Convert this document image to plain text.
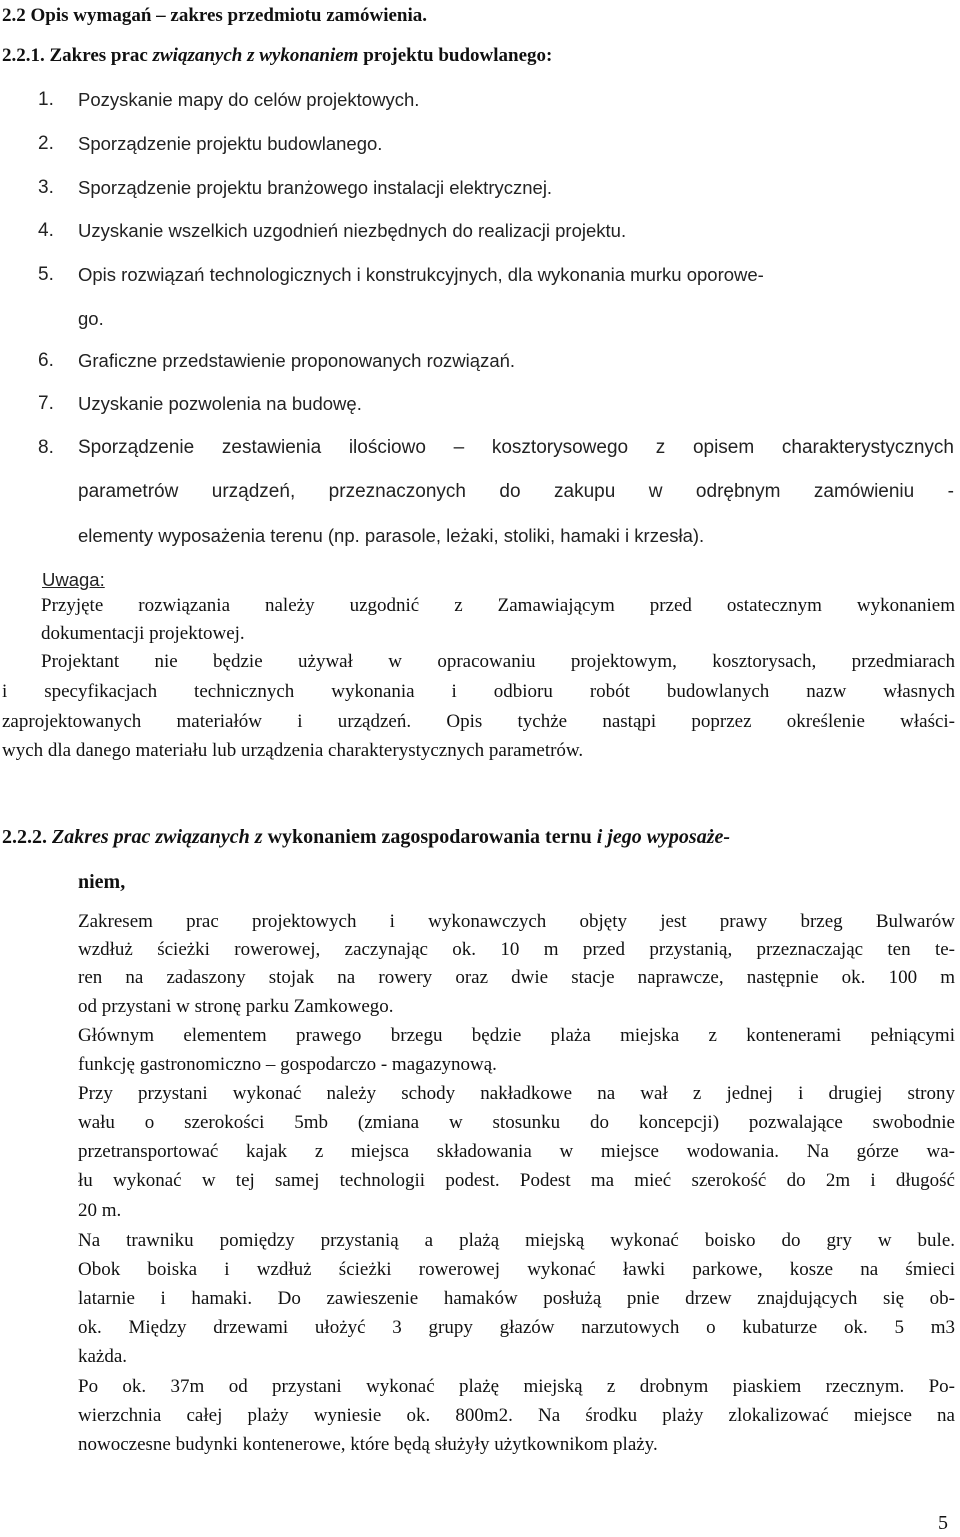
2.2 Opis wymagań – zakres przedmiotu zamówienia.
2.2.1. Zakres prac związanych z wykonaniem projektu budowlanego:
1. Pozyskanie mapy do celów projektowych.
2. Sporządzenie projektu budowlanego.
3. Sporządzenie projektu branżowego instalacji elektrycznej.
4. Uzyskanie wszelkich uzgodnień niezbędnych do realizacji projektu.
5. Opis rozwiązań technologicznych i konstrukcyjnych, dla wykonania murku oporowe-
go.
6. Graficzne przedstawienie proponowanych rozwiązań.
7. Uzyskanie pozwolenia na budowę.
8. Sporządzenie zestawienia ilościowo – kosztorysowego z opisem charakterystycznych
parametrów urządzeń, przeznaczonych do zakupu w odrębnym zamówieniu -
elementy wyposażenia terenu (np. parasole, leżaki, stoliki, hamaki i krzesła).
Uwaga:
Przyjęte rozwiązania należy uzgodnić z Zamawiającym przed ostatecznym wykonaniem
dokumentacji projektowej.
Projektant nie będzie używał w opracowaniu projektowym, kosztorysach, przedmiarach
i specyfikacjach technicznych wykonania i odbioru robót budowlanych nazw własnych
zaprojektowanych materiałów i urządzeń. Opis tychże nastąpi poprzez określenie właści-
wych dla danego materiału lub urządzenia charakterystycznych parametrów.
2.2.2. Zakres prac związanych z wykonaniem zagospodarowania ternu i jego wyposaże-
niem,
Zakresem prac projektowych i wykonawczych objęty jest prawy brzeg Bulwarów
wzdłuż ścieżki rowerowej, zaczynając ok. 10 m przed przystanią, przeznaczając ten te-
ren na zadaszony stojak na rowery oraz dwie stacje naprawcze, następnie ok. 100 m
od przystani w stronę parku Zamkowego.
Głównym elementem prawego brzegu będzie plaża miejska z kontenerami pełniącymi
funkcję gastronomiczno – gospodarczo - magazynową.
Przy przystani wykonać należy schody nakładkowe na wał z jednej i drugiej strony
wału o szerokości 5mb (zmiana w stosunku do koncepcji) pozwalające swobodnie
przetransportować kajak z miejsca składowania w miejsce wodowania. Na górze wa-
łu wykonać w tej samej technologii podest. Podest ma mieć szerokość do 2m i długość
20 m.
Na trawniku pomiędzy przystanią a plażą miejską wykonać boisko do gry w bule.
Obok boiska i wzdłuż ścieżki rowerowej wykonać ławki parkowe, kosze na śmieci
latarnie i hamaki. Do zawieszenie hamaków posłużą pnie drzew znajdujących się ob-
ok. Między drzewami ułożyć 3 grupy głazów narzutowych o kubaturze ok. 5 m3
każda.
Po ok. 37m od przystani wykonać plażę miejską z drobnym piaskiem rzecznym. Po-
wierzchnia całej plaży wyniesie ok. 800m2. Na środku plaży zlokalizować miejsce na
nowoczesne budynki kontenerowe, które będą służyły użytkownikom plaży.
5
